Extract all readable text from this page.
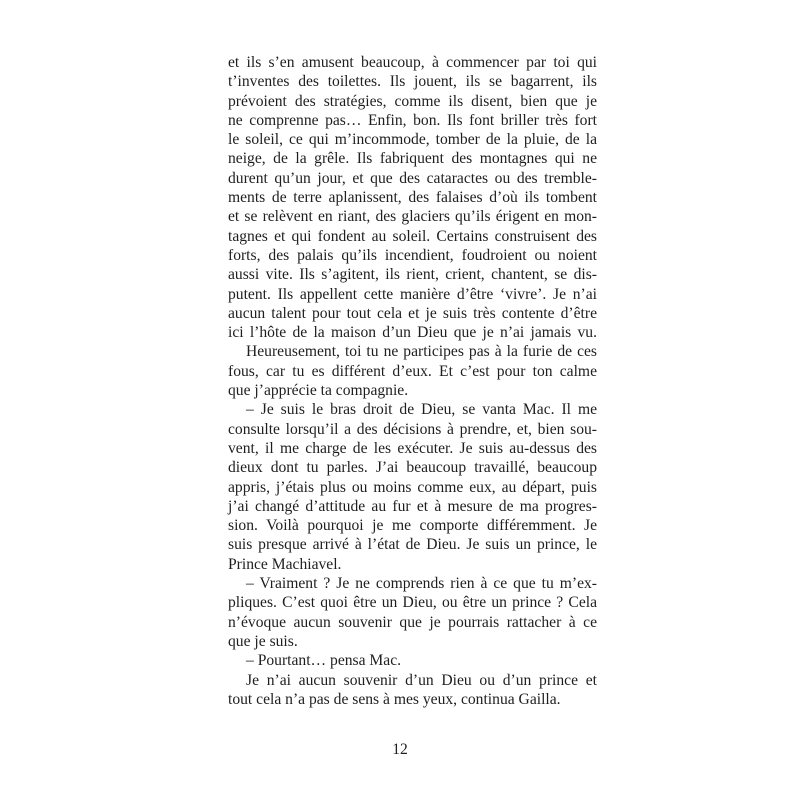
et ils s’en amusent beaucoup, à commencer par toi qui
t’inventes des toilettes. Ils jouent, ils se bagarrent, ils
prévoient des stratégies, comme ils disent, bien que je
ne comprenne pas… Enfin, bon. Ils font briller très fort
le soleil, ce qui m’incommode, tomber de la pluie, de la
neige, de la grêle. Ils fabriquent des montagnes qui ne
durent qu’un jour, et que des cataractes ou des tremble-
ments de terre aplanissent, des falaises d’où ils tombent
et se relèvent en riant, des glaciers qu’ils érigent en mon-
tagnes et qui fondent au soleil. Certains construisent des
forts, des palais qu’ils incendient, foudroient ou noient
aussi vite. Ils s’agitent, ils rient, crient, chantent, se dis-
putent. Ils appellent cette manière d’être ‘vivre’. Je n’ai
aucun talent pour tout cela et je suis très contente d’être
ici l’hôte de la maison d’un Dieu que je n’ai jamais vu.
Heureusement, toi tu ne participes pas à la furie de ces
fous, car tu es différent d’eux. Et c’est pour ton calme
que j’apprécie ta compagnie.
– Je suis le bras droit de Dieu, se vanta Mac. Il me
consulte lorsqu’il a des décisions à prendre, et, bien sou-
vent, il me charge de les exécuter. Je suis au-dessus des
dieux dont tu parles. J’ai beaucoup travaillé, beaucoup
appris, j’étais plus ou moins comme eux, au départ, puis
j’ai changé d’attitude au fur et à mesure de ma progres-
sion. Voilà pourquoi je me comporte différemment. Je
suis presque arrivé à l’état de Dieu. Je suis un prince, le
Prince Machiavel.
– Vraiment ? Je ne comprends rien à ce que tu m’ex-
pliques. C’est quoi être un Dieu, ou être un prince ? Cela
n’évoque aucun souvenir que je pourrais rattacher à ce
que je suis.
– Pourtant… pensa Mac.
Je n’ai aucun souvenir d’un Dieu ou d’un prince et
tout cela n’a pas de sens à mes yeux, continua Gailla.
12
